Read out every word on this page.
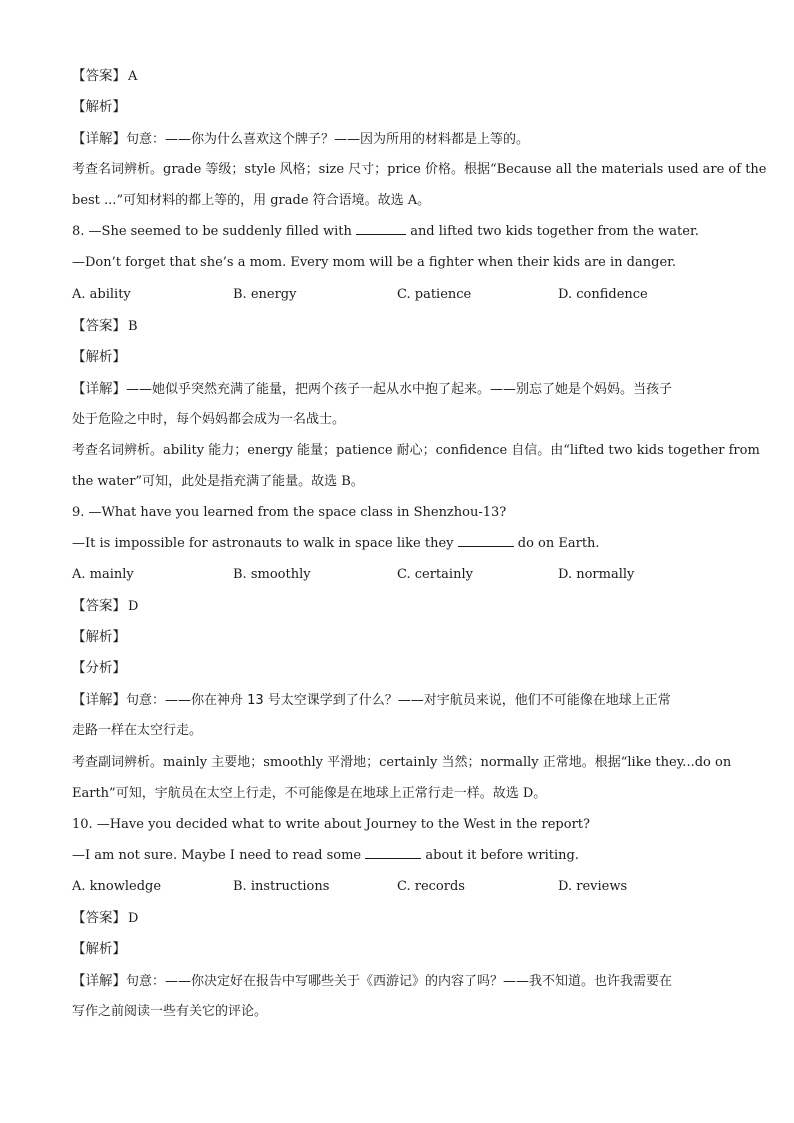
【答案】 A
【解析】
【详解】句意：——你为什么喜欢这个牌子？——因为所用的材料都是上等的。
考查名词辨析。grade 等级；style 风格；size 尺寸；price 价格。根据“Because all the materials used are of the
best ...”可知材料的都上等的，用 grade 符合语境。故选 A。
8. —She seemed to be suddenly filled with	and lifted two kids together from the water.
—Don’t forget that she’s a mom. Every mom will be a fighter when their kids are in danger.
A. ability	B. energy	C. patience	D. confidence
【答案】 B
【解析】
【详解】——她似乎突然充满了能量，把两个孩子一起从水中抱了起来。——别忘了她是个妈妈。当孩子
处于危险之中时，每个妈妈都会成为一名战士。
考查名词辨析。ability 能力；energy 能量；patience 耐心；confidence 自信。由“lifted two kids together from
the water”可知，此处是指充满了能量。故选 B。
9. —What have you learned from the space class in Shenzhou-13?
—It is impossible for astronauts to walk in space like they	do on Earth.
A. mainly	B. smoothly	C. certainly	D. normally
【答案】 D
【解析】
【分析】
【详解】句意：——你在神舟 13 号太空课学到了什么？——对宇航员来说，他们不可能像在地球上正常
走路一样在太空行走。
考查副词辨析。mainly 主要地；smoothly 平滑地；certainly 当然；normally 正常地。根据“like they...do on
Earth”可知，宇航员在太空上行走，不可能像是在地球上正常行走一样。故选 D。
10. —Have you decided what to write about Journey to the West in the report?
—I am not sure. Maybe I need to read some	about it before writing.
A. knowledge	B. instructions	C. records	D. reviews
【答案】 D
【解析】
【详解】句意：——你决定好在报告中写哪些关于《西游记》的内容了吗？——我不知道。也许我需要在
写作之前阅读一些有关它的评论。
